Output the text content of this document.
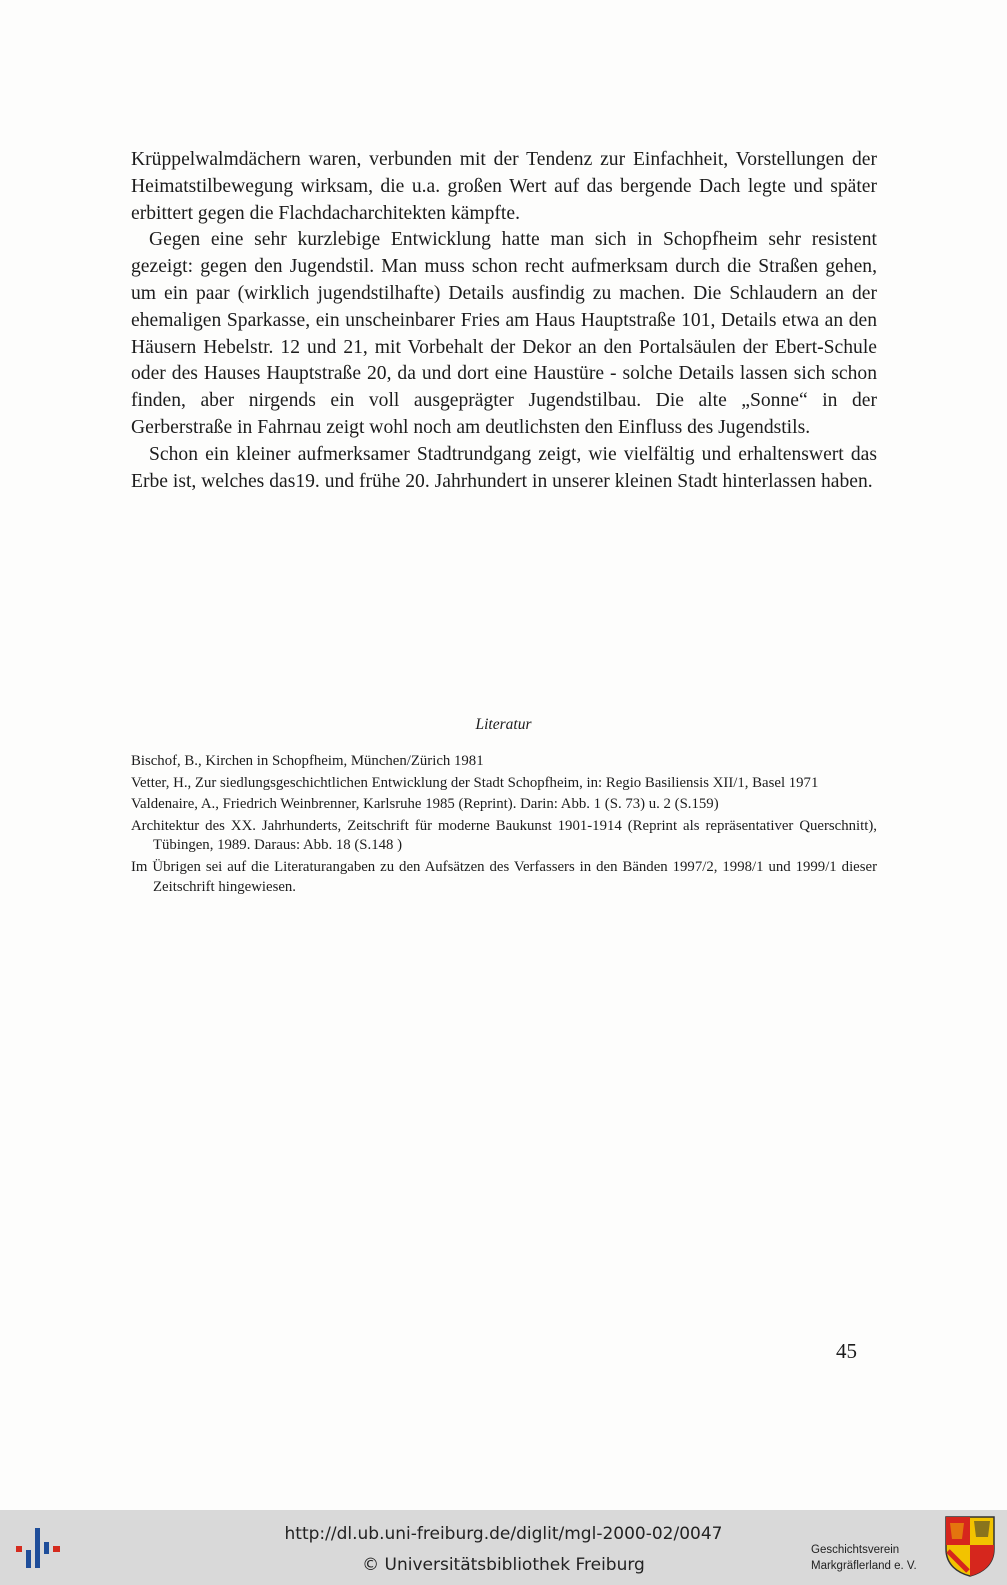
Krüppelwalmdächern waren, verbunden mit der Tendenz zur Einfachheit, Vorstellungen der Heimatstilbewegung wirksam, die u.a. großen Wert auf das bergende Dach legte und später erbittert gegen die Flachdacharchitekten kämpfte.

Gegen eine sehr kurzlebige Entwicklung hatte man sich in Schopfheim sehr resistent gezeigt: gegen den Jugendstil. Man muss schon recht aufmerksam durch die Straßen gehen, um ein paar (wirklich jugendstilhafte) Details ausfindig zu machen. Die Schlaudern an der ehemaligen Sparkasse, ein unscheinbarer Fries am Haus Hauptstraße 101, Details etwa an den Häusern Hebelstr. 12 und 21, mit Vorbehalt der Dekor an den Portalsäulen der Ebert-Schule oder des Hauses Hauptstraße 20, da und dort eine Haustüre - solche Details lassen sich schon finden, aber nirgends ein voll ausgeprägter Jugendstilbau. Die alte „Sonne“ in der Gerberstraße in Fahrnau zeigt wohl noch am deutlichsten den Einfluss des Jugendstils.

Schon ein kleiner aufmerksamer Stadtrundgang zeigt, wie vielfältig und erhaltenswert das Erbe ist, welches das19. und frühe 20. Jahrhundert in unserer kleinen Stadt hinterlassen haben.

Literatur
Bischof, B., Kirchen in Schopfheim, München/Zürich 1981
Vetter, H., Zur siedlungsgeschichtlichen Entwicklung der Stadt Schopfheim, in: Regio Basiliensis XII/1, Basel 1971
Valdenaire, A., Friedrich Weinbrenner, Karlsruhe 1985 (Reprint). Darin: Abb. 1 (S. 73) u. 2 (S.159)
Architektur des XX. Jahrhunderts, Zeitschrift für moderne Baukunst 1901-1914 (Reprint als repräsentativer Querschnitt), Tübingen, 1989. Daraus: Abb. 18 (S.148 )
Im Übrigen sei auf die Literaturangaben zu den Aufsätzen des Verfassers in den Bänden 1997/2, 1998/1 und 1999/1 dieser Zeitschrift hingewiesen.
45
http://dl.ub.uni-freiburg.de/diglit/mgl-2000-02/0047
© Universitätsbibliothek Freiburg
Geschichtsverein
Markgräflerland e. V.
